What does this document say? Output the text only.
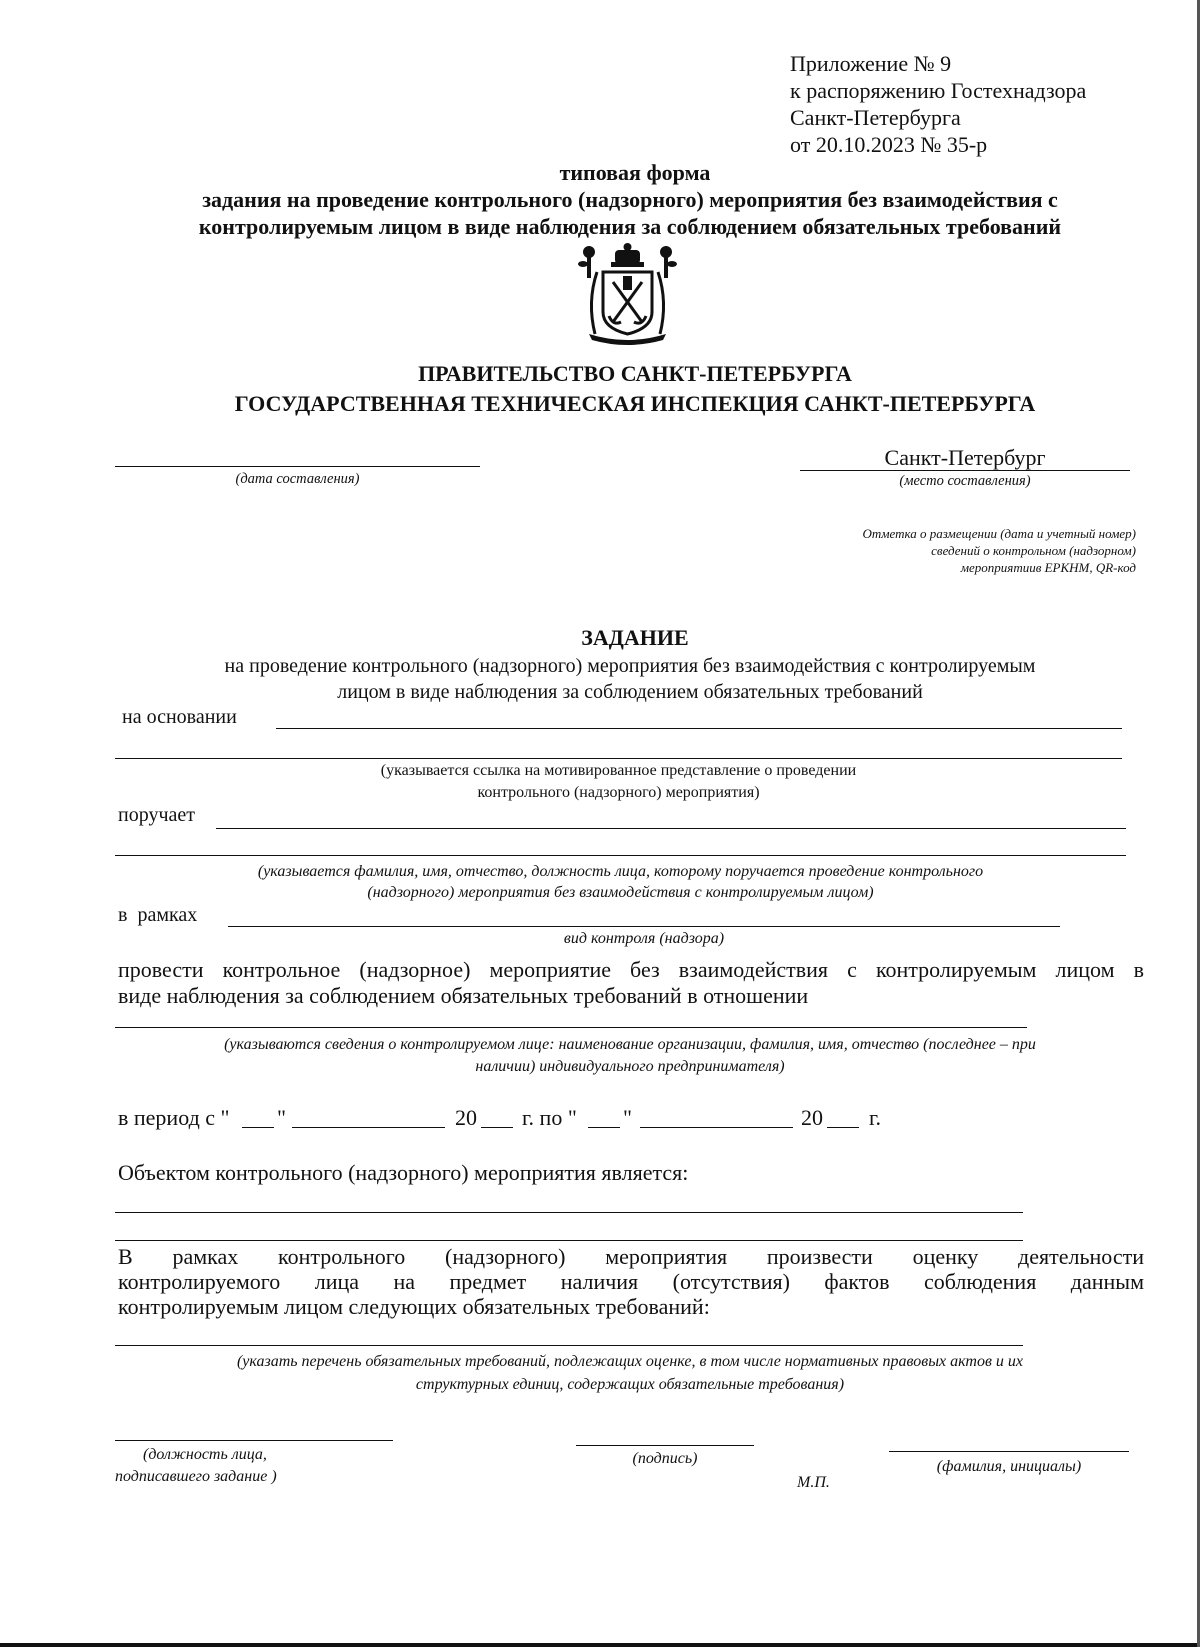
Приложение № 9
к распоряжению Гостехнадзора
Санкт-Петербурга
от 20.10.2023 № 35-р
типовая форма
задания на проведение контрольного (надзорного) мероприятия без взаимодействия с
контролируемым лицом в виде наблюдения за соблюдением обязательных требований
ПРАВИТЕЛЬСТВО САНКТ-ПЕТЕРБУРГА
ГОСУДАРСТВЕННАЯ ТЕХНИЧЕСКАЯ ИНСПЕКЦИЯ САНКТ-ПЕТЕРБУРГА
(дата составления)
Санкт-Петербург
(место составления)
Отметка о размещении (дата и учетный номер)
сведений о контрольном (надзорном)
мероприятиив ЕРКНМ, QR-код
ЗАДАНИЕ
на проведение контрольного (надзорного) мероприятия без взаимодействия с контролируемым
лицом в виде наблюдения за соблюдением обязательных требований
на основании
(указывается ссылка на мотивированное представление о проведении
контрольного (надзорного) мероприятия)
поручает
(указывается фамилия, имя, отчество, должность лица, которому поручается проведение контрольного
(надзорного) мероприятия без взаимодействия с контролируемым лицом)
в  рамках
вид контроля (надзора)
провести контрольное (надзорное) мероприятие без взаимодействия с контролируемым лицом в
виде наблюдения за соблюдением обязательных требований в отношении
(указываются сведения о контролируемом лице: наименование организации, фамилия, имя, отчество (последнее – при
наличии) индивидуального предпринимателя)
в период с " "	20 г. по " "	20 г.
Объектом контрольного (надзорного) мероприятия является:
В рамках контрольного (надзорного) мероприятия произвести оценку деятельности
контролируемого лица на предмет наличия (отсутствия) фактов соблюдения данным
контролируемым лицом следующих обязательных требований:
(указать перечень обязательных требований, подлежащих оценке, в том числе нормативных правовых актов и их
структурных единиц, содержащих обязательные требования)
(должность лица,
подписавшего задание )
(подпись)	(фамилия, инициалы)
М.П.
